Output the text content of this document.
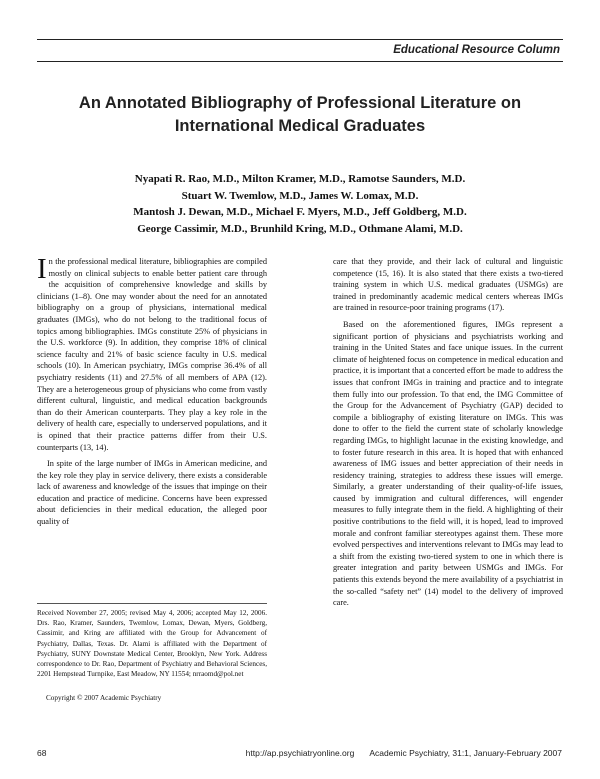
Educational Resource Column
An Annotated Bibliography of Professional Literature on
International Medical Graduates
Nyapati R. Rao, M.D., Milton Kramer, M.D., Ramotse Saunders, M.D.
Stuart W. Twemlow, M.D., James W. Lomax, M.D.
Mantosh J. Dewan, M.D., Michael F. Myers, M.D., Jeff Goldberg, M.D.
George Cassimir, M.D., Brunhild Kring, M.D., Othmane Alami, M.D.

In the professional medical literature, bibliographies are compiled mostly on clinical subjects to enable better patient care through the acquisition of comprehensive knowledge and skills by clinicians (1–8). One may wonder about the need for an annotated bibliography on a group of physicians, international medical graduates (IMGs), who do not belong to the traditional focus of topics among bibliographies. IMGs constitute 25% of physicians in the U.S. workforce (9). In addition, they comprise 18% of clinical science faculty and 21% of basic science faculty in U.S. medical schools (10). In American psychiatry, IMGs comprise 36.4% of all psychiatry residents (11) and 27.5% of all members of APA (12). They are a heterogeneous group of physicians who come from vastly different cultural, linguistic, and medical education backgrounds than do their American counterparts. They play a key role in the delivery of health care, especially to underserved populations, and it is opined that their practice patterns differ from their U.S. counterparts (13, 14).

In spite of the large number of IMGs in American medicine, and the key role they play in service delivery, there exists a considerable lack of awareness and knowledge of the issues that impinge on their education and practice of medicine. Concerns have been expressed about deficiencies in their medical education, the alleged poor quality of

care that they provide, and their lack of cultural and linguistic competence (15, 16). It is also stated that there exists a two-tiered training system in which U.S. medical graduates (USMGs) are trained in predominantly academic medical centers whereas IMGs are trained in resource-poor training programs (17).

Based on the aforementioned figures, IMGs represent a significant portion of physicians and psychiatrists working and training in the United States and face unique issues. In the current climate of heightened focus on competence in medical education and practice, it is important that a concerted effort be made to address the issues that confront IMGs in training and practice and to integrate them fully into our profession. To that end, the IMG Committee of the Group for the Advancement of Psychiatry (GAP) decided to compile a bibliography of existing literature on IMGs. This was done to offer to the field the current state of scholarly knowledge regarding IMGs, to highlight lacunae in the existing knowledge, and to foster future research in this area. It is hoped that with enhanced awareness of IMG issues and better appreciation of their needs in residency training, strategies to address these issues will emerge. Similarly, a greater understanding of their quality-of-life issues, caused by immigration and cultural differences, will engender measures to fully integrate them in the field. A highlighting of their positive contributions to the field will, it is hoped, lead to improved morale and confront familiar stereotypes against them. These more evolved perspectives and interventions relevant to IMGs may lead to a shift from the existing two-tiered system to one in which there is greater integration and parity between USMGs and IMGs. For patients this extends beyond the mere availability of a psychiatrist in the so-called “safety net” (14) model to the delivery of improved care.

Received November 27, 2005; revised May 4, 2006; accepted May 12, 2006. Drs. Rao, Kramer, Saunders, Twemlow, Lomax, Dewan, Myers, Goldberg, Cassimir, and Kring are affiliated with the Group for Advancement of Psychiatry, Dallas, Texas. Dr. Alami is affiliated with the Department of Psychiatry, SUNY Downstate Medical Center, Brooklyn, New York. Address correspondence to Dr. Rao, Department of Psychiatry and Behavioral Sciences, 2201 Hempstead Turnpike, East Meadow, NY 11554; nrraomd@pol.net

Copyright © 2007 Academic Psychiatry
68	http://ap.psychiatryonline.org	Academic Psychiatry, 31:1, January-February 2007
